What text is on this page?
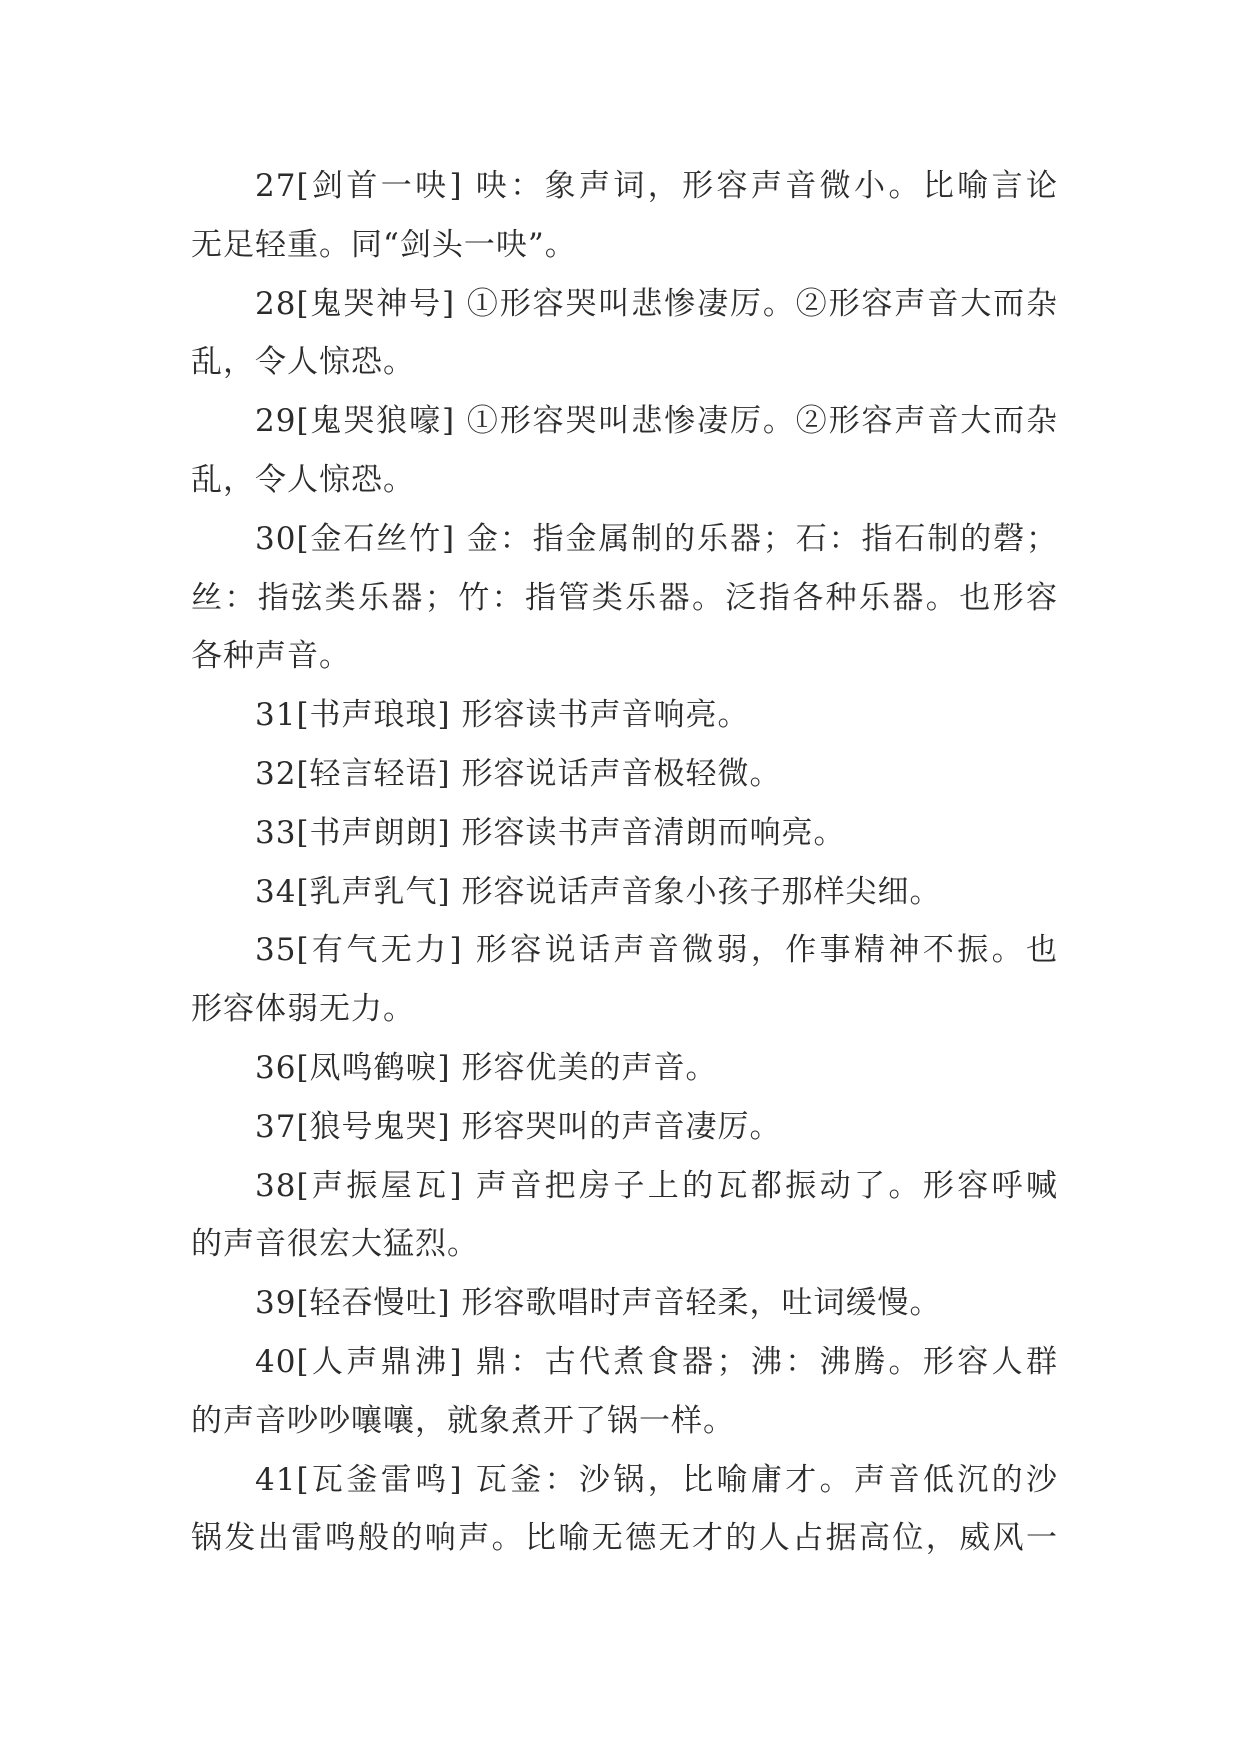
27[剑首一吷] 吷：象声词，形容声音微小。比喻言论
无足轻重。同“剑头一吷”。
28[鬼哭神号] ①形容哭叫悲惨凄厉。②形容声音大而杂
乱，令人惊恐。
29[鬼哭狼嚎] ①形容哭叫悲惨凄厉。②形容声音大而杂
乱，令人惊恐。
30[金石丝竹] 金：指金属制的乐器；石：指石制的磬；
丝：指弦类乐器；竹：指管类乐器。泛指各种乐器。也形容
各种声音。
31[书声琅琅] 形容读书声音响亮。
32[轻言轻语] 形容说话声音极轻微。
33[书声朗朗] 形容读书声音清朗而响亮。
34[乳声乳气] 形容说话声音象小孩子那样尖细。
35[有气无力] 形容说话声音微弱，作事精神不振。也
形容体弱无力。
36[凤鸣鹤唳] 形容优美的声音。
37[狼号鬼哭] 形容哭叫的声音凄厉。
38[声振屋瓦] 声音把房子上的瓦都振动了。形容呼喊
的声音很宏大猛烈。
39[轻吞慢吐] 形容歌唱时声音轻柔，吐词缓慢。
40[人声鼎沸] 鼎：古代煮食器；沸：沸腾。形容人群
的声音吵吵嚷嚷，就象煮开了锅一样。
41[瓦釜雷鸣] 瓦釜：沙锅，比喻庸才。声音低沉的沙
锅发出雷鸣般的响声。比喻无德无才的人占据高位，威风一
